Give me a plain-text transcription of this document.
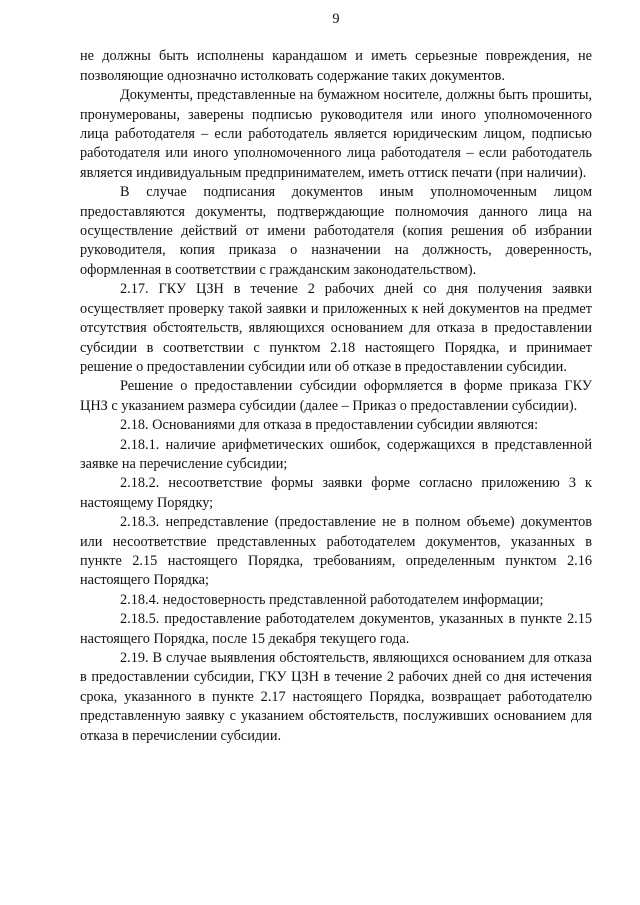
9

не должны быть исполнены карандашом и иметь серьезные повреждения, не позволяющие однозначно истолковать содержание таких документов.

Документы, представленные на бумажном носителе, должны быть прошиты, пронумерованы, заверены подписью руководителя или иного уполномоченного лица работодателя – если работодатель является юридическим лицом, подписью работодателя или иного уполномоченного лица работодателя – если работодатель является индивидуальным предпринимателем, иметь оттиск печати (при наличии).

В случае подписания документов иным уполномоченным лицом предоставляются документы, подтверждающие полномочия данного лица на осуществление действий от имени работодателя (копия решения об избрании руководителя, копия приказа о назначении на должность, доверенность, оформленная в соответствии с гражданским законодательством).

2.17. ГКУ ЦЗН в течение 2 рабочих дней со дня получения заявки осуществляет проверку такой заявки и приложенных к ней документов на предмет отсутствия обстоятельств, являющихся основанием для отказа в предоставлении субсидии в соответствии с пунктом 2.18 настоящего Порядка, и принимает решение о предоставлении субсидии или об отказе в предоставлении субсидии.

Решение о предоставлении субсидии оформляется в форме приказа ГКУ ЦНЗ с указанием размера субсидии (далее – Приказ о предоставлении субсидии).

2.18. Основаниями для отказа в предоставлении субсидии являются:

2.18.1. наличие арифметических ошибок, содержащихся в представленной заявке на перечисление субсидии;

2.18.2. несоответствие формы заявки форме согласно приложению 3 к настоящему Порядку;

2.18.3. непредставление (предоставление не в полном объеме) документов или несоответствие представленных работодателем документов, указанных в пункте 2.15 настоящего Порядка, требованиям, определенным пунктом 2.16 настоящего Порядка;

2.18.4. недостоверность представленной работодателем информации;

2.18.5. предоставление работодателем документов, указанных в пункте 2.15 настоящего Порядка, после 15 декабря текущего года.

2.19. В случае выявления обстоятельств, являющихся основанием для отказа в предоставлении субсидии, ГКУ ЦЗН в течение 2 рабочих дней со дня истечения срока, указанного в пункте 2.17 настоящего Порядка, возвращает работодателю представленную заявку с указанием обстоятельств, послуживших основанием для отказа в перечислении субсидии.
